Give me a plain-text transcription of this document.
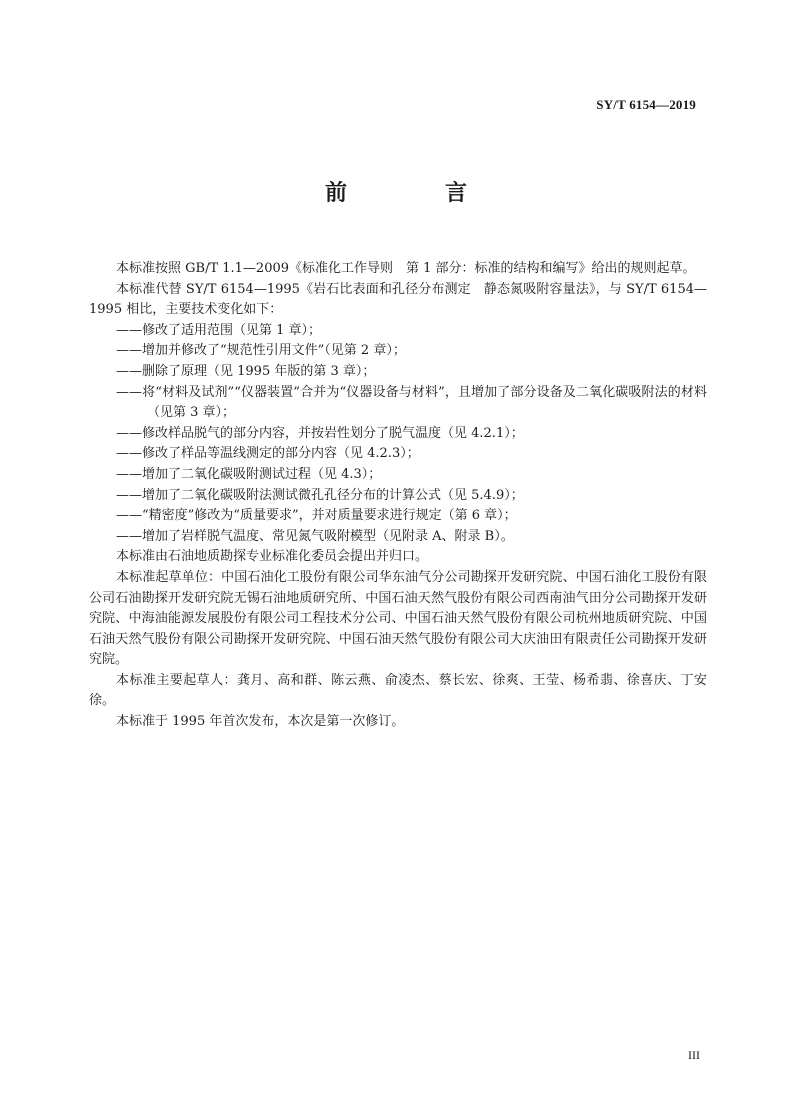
SY/T 6154—2019
前　言

本标准按照 GB/T 1.1—2009《标准化工作导则　第 1 部分：标准的结构和编写》给出的规则起草。

本标准代替 SY/T 6154—1995《岩石比表面和孔径分布测定　静态氮吸附容量法》，与 SY/T 6154—1995 相比，主要技术变化如下：

——修改了适用范围（见第 1 章）；

——增加并修改了“规范性引用文件”（见第 2 章）；

——删除了原理（见 1995 年版的第 3 章）；

——将“材料及试剂”“仪器装置”合并为“仪器设备与材料”，且增加了部分设备及二氧化碳吸附法的材料（见第 3 章）；

——修改样品脱气的部分内容，并按岩性划分了脱气温度（见 4.2.1）；

——修改了样品等温线测定的部分内容（见 4.2.3）；

——增加了二氧化碳吸附测试过程（见 4.3）；

——增加了二氧化碳吸附法测试微孔孔径分布的计算公式（见 5.4.9）；

——“精密度”修改为“质量要求”，并对质量要求进行规定（第 6 章）；

——增加了岩样脱气温度、常见氮气吸附模型（见附录 A、附录 B）。

本标准由石油地质勘探专业标准化委员会提出并归口。

本标准起草单位：中国石油化工股份有限公司华东油气分公司勘探开发研究院、中国石油化工股份有限公司石油勘探开发研究院无锡石油地质研究所、中国石油天然气股份有限公司西南油气田分公司勘探开发研究院、中海油能源发展股份有限公司工程技术分公司、中国石油天然气股份有限公司杭州地质研究院、中国石油天然气股份有限公司勘探开发研究院、中国石油天然气股份有限公司大庆油田有限责任公司勘探开发研究院。

本标准主要起草人：龚月、高和群、陈云燕、俞凌杰、蔡长宏、徐爽、王莹、杨希翡、徐喜庆、丁安徐。

本标准于 1995 年首次发布，本次是第一次修订。

III
